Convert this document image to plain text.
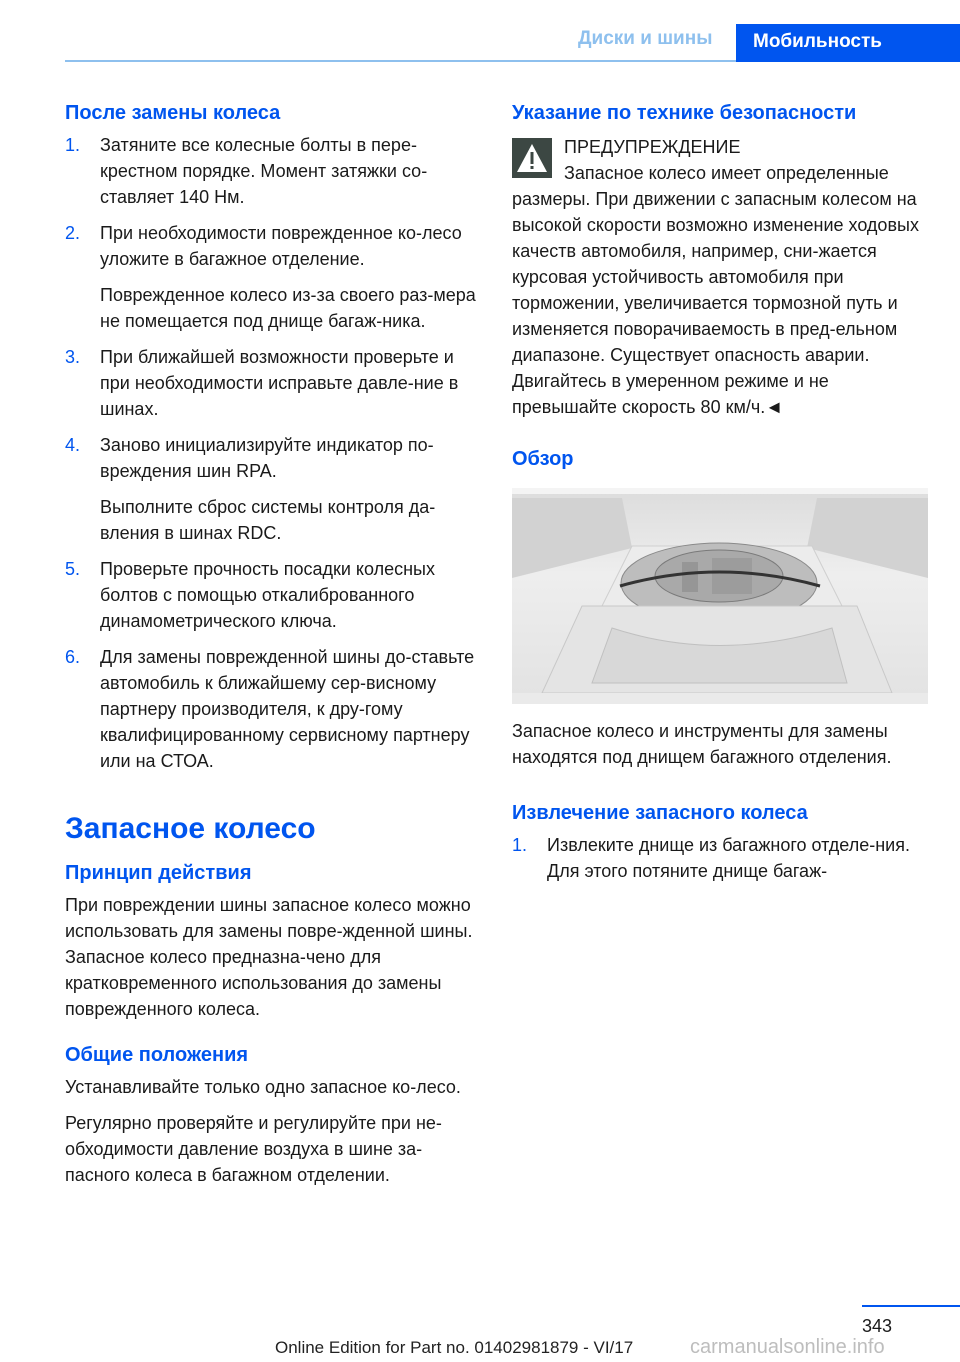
Диски и шины	Мобильность
После замены колеса
1. Затяните все колесные болты в пере-крестном порядке. Момент затяжки со-ставляет 140 Нм.
2. При необходимости поврежденное ко-лесо уложите в багажное отделение.
Поврежденное колесо из-за своего раз-мера не помещается под днище багаж-ника.
3. При ближайшей возможности проверьте и при необходимости исправьте давле-ние в шинах.
4. Заново инициализируйте индикатор по-вреждения шин RPA.
Выполните сброс системы контроля да-вления в шинах RDC.
5. Проверьте прочность посадки колесных болтов с помощью откалиброванного динамометрического ключа.
6. Для замены поврежденной шины до-ставьте автомобиль к ближайшему сер-висному партнеру производителя, к дру-гому квалифицированному сервисному партнеру или на СТОА.
Запасное колесо
Принцип действия
При повреждении шины запасное колесо можно использовать для замены повре-жденной шины. Запасное колесо предназна-чено для кратковременного использования до замены поврежденного колеса.
Общие положения
Устанавливайте только одно запасное ко-лесо.
Регулярно проверяйте и регулируйте при не-обходимости давление воздуха в шине за-пасного колеса в багажном отделении.
Указание по технике безопасности
ПРЕДУПРЕЖДЕНИЕ
Запасное колесо имеет определенные размеры. При движении с запасным колесом на высокой скорости возможно изменение ходовых качеств автомобиля, например, сни-жается курсовая устойчивость автомобиля при торможении, увеличивается тормозной путь и изменяется поворачиваемость в пред-ельном диапазоне. Существует опасность аварии. Двигайтесь в умеренном режиме и не превышайте скорость 80 км/ч.◄
Обзор
Запасное колесо и инструменты для замены находятся под днищем багажного отделения.
Извлечение запасного колеса
1. Извлеките днище из багажного отделе-ния. Для этого потяните днище багаж-
343
Online Edition for Part no. 01402981879 - VI/17	carmanualsonline.info
